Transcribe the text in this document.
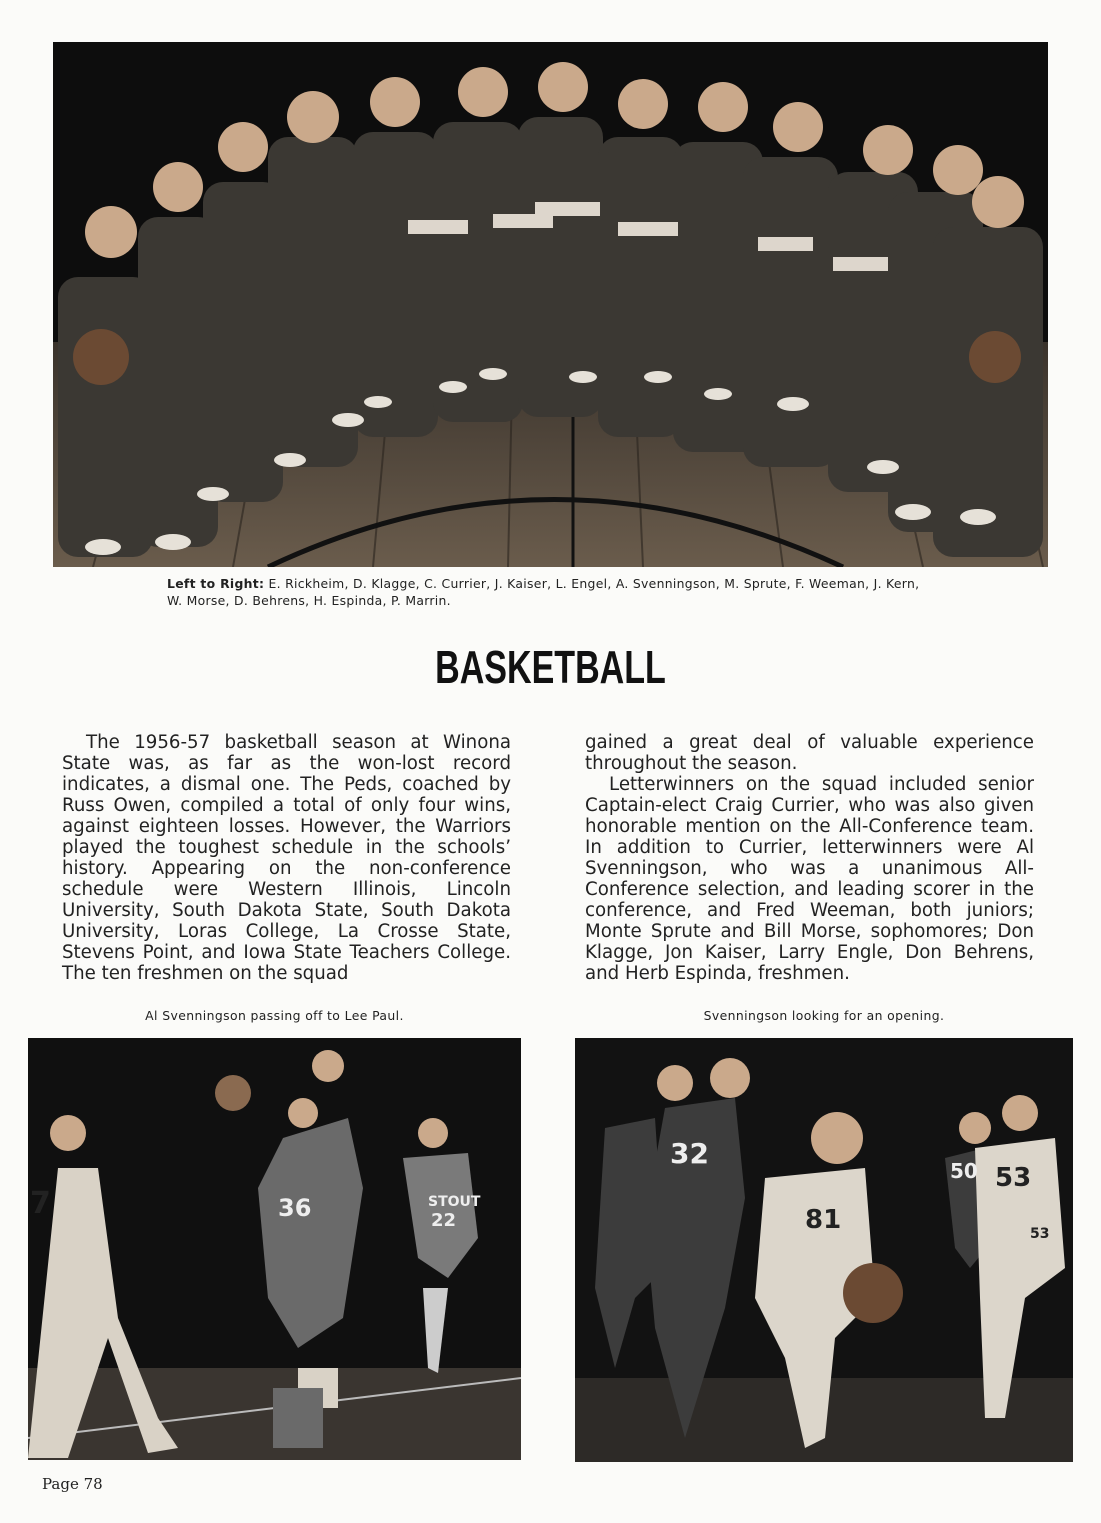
Left to Right: E. Rickheim, D. Klagge, C. Currier, J. Kaiser, L. Engel, A. Svenningson, M. Sprute, F. Weeman, J. Kern, W. Morse, D. Behrens, H. Espinda, P. Marrin.
BASKETBALL

The 1956-57 basketball season at Winona State was, as far as the won-lost record indicates, a dismal one. The Peds, coached by Russ Owen, compiled a total of only four wins, against eighteen losses. However, the Warriors played the toughest schedule in the schools’ history. Appearing on the non-conference schedule were Western Illinois, Lincoln University, South Dakota State, South Dakota University, Loras College, La Crosse State, Stevens Point, and Iowa State Teachers College. The ten freshmen on the squad

gained a great deal of valuable experience throughout the season.

Letterwinners on the squad included senior Captain-elect Craig Currier, who was also given honorable mention on the All-Conference team. In addition to Currier, letterwinners were Al Svenningson, who was a unanimous All-Conference selection, and leading scorer in the conference, and Fred Weeman, both juniors; Monte Sprute and Bill Morse, sophomores; Don Klagge, Jon Kaiser, Larry Engle, Don Behrens, and Herb Espinda, freshmen.

Al Svenningson passing off to Lee Paul.	Svenningson looking for an opening.
7	36	STOUT
22
32
81
50 53
53
Page 78
